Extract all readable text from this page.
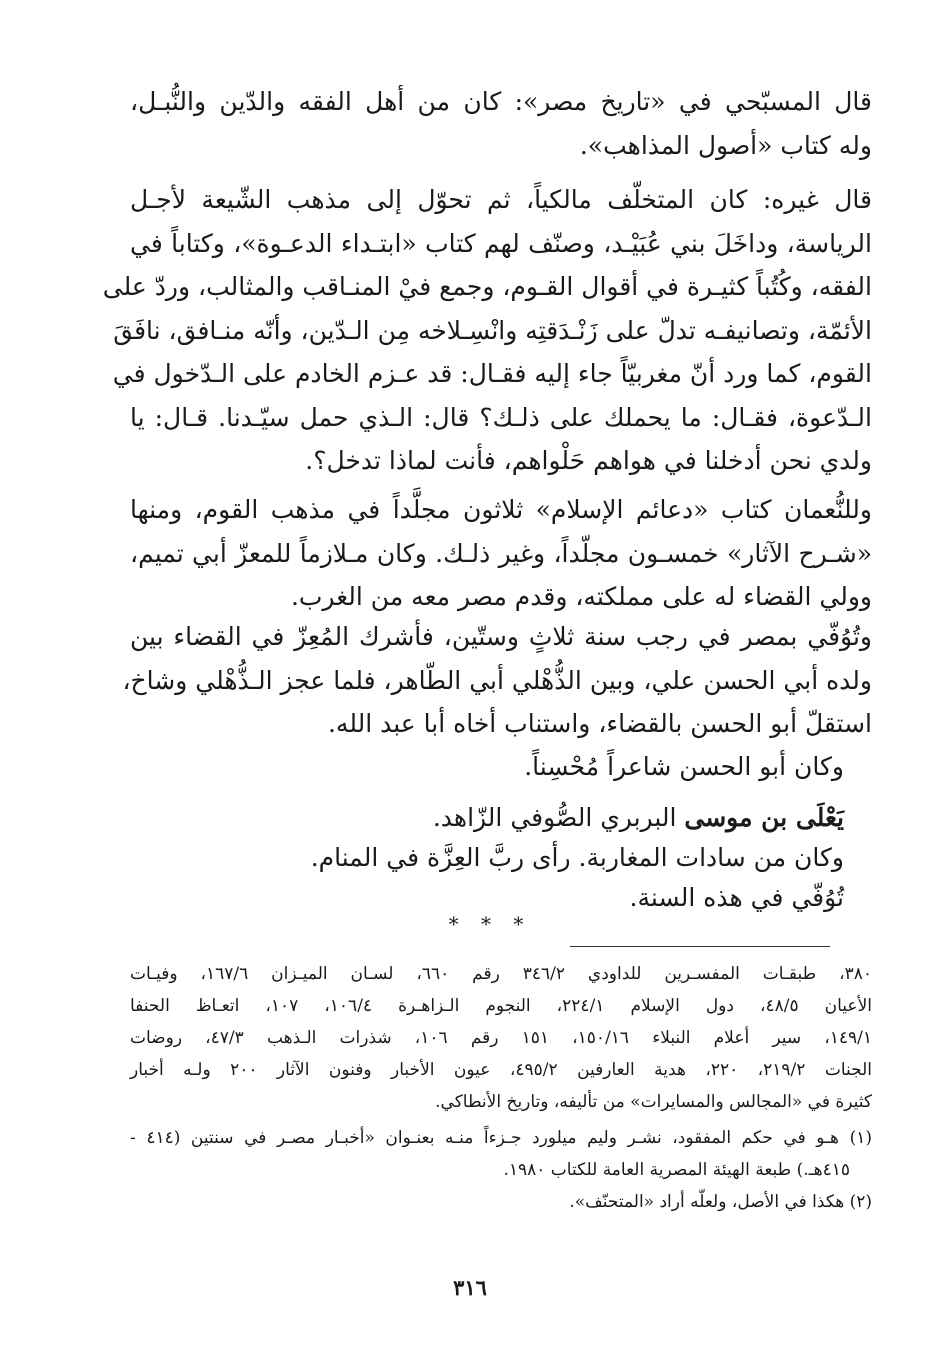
قال المسبّحي في «تاريخ مصر»: كان من أهل الفقه والدّين والنُّبـل،
وله كتاب «أصول المذاهب».
قال غيره: كان المتخلّف مالكياً، ثم تحوّل إلى مذهب الشّيعة لأجـل
الرياسة، وداخَلَ بني عُبَيْـد، وصنّف لهم كتاب «ابتـداء الدعـوة»، وكتاباً في
الفقه، وكُتُباً كثيـرة في أقوال القـوم، وجمع فيْ المنـاقب والمثالب، وردّ على
الأئمّة، وتصانيفـه تدلّ على زَنْـدَقتِه وانْسِـلاخه مِن الـدّين، وأنّه منـافق، نافَقَ
القوم، كما ورد أنّ مغربيّاً جاء إليه فقـال: قد عـزم الخادم على الـدّخول في
الـدّعوة، فقـال: ما يحملك على ذلـك؟ قال: الـذي حمل سيّـدنا. قـال: يا
ولدي نحن أدخلنا في هواهم حَلْواهم، فأنت لماذا تدخل؟.
وللنُّعمان كتاب «دعائم الإسلام» ثلاثون مجلَّداً في مذهب القوم، ومنها
«شـرح الآثار» خمسـون مجلّداً، وغير ذلـك. وكان مـلازماً للمعزّ أبي تميم،
وولي القضاء له على مملكته، وقدم مصر معه من الغرب.
وتُوُفّي بمصر في رجب سنة ثلاثٍ وستّين، فأشرك المُعِزّ في القضاء بين
ولده أبي الحسن علي، وبين الذُّهْلي أبي الطّاهر، فلما عجز الـذُّهْلي وشاخ،
استقلّ أبو الحسن بالقضاء، واستناب أخاه أبا عبد الله.
وكان أبو الحسن شاعراً مُحْسِناً.
يَعْلَى بن موسى البربري الصُّوفي الزّاهد.
وكان من سادات المغاربة. رأى ربَّ العِزَّة في المنام.
تُوُفّي في هذه السنة.
* * *
٣٨٠، طبقـات المفسـرين للداودي ٣٤٦/٢ رقم ٦٦٠، لسـان الميـزان ١٦٧/٦، وفيـات
الأعيان ٤٨/٥، دول الإسلام ٢٢٤/١، النجوم الـزاهـرة ١٠٦/٤، ١٠٧، اتعـاظ الحنفا
١٤٩/١، سير أعلام النبلاء ١٥٠/١٦، ١٥١ رقم ١٠٦، شذرات الـذهب ٤٧/٣، روضات
الجنات ٢١٩/٢، ٢٢٠، هدية العارفين ٤٩٥/٢، عيون الأخبار وفنون الآثار ٢٠٠ ولـه أخبار
كثيرة في «المجالس والمسايرات» من تأليفه، وتاريخ الأنطاكي.
(١) هـو في حكم المفقود، نشـر وليم ميلورد جـزءاً منـه بعنـوان «أخبـار مصـر في سنتين (٤١٤ -
٤١٥هـ.) طبعة الهيئة المصرية العامة للكتاب ١٩٨٠.
(٢) هكذا في الأصل، ولعلّه أراد «المتحنّف».
٣١٦
